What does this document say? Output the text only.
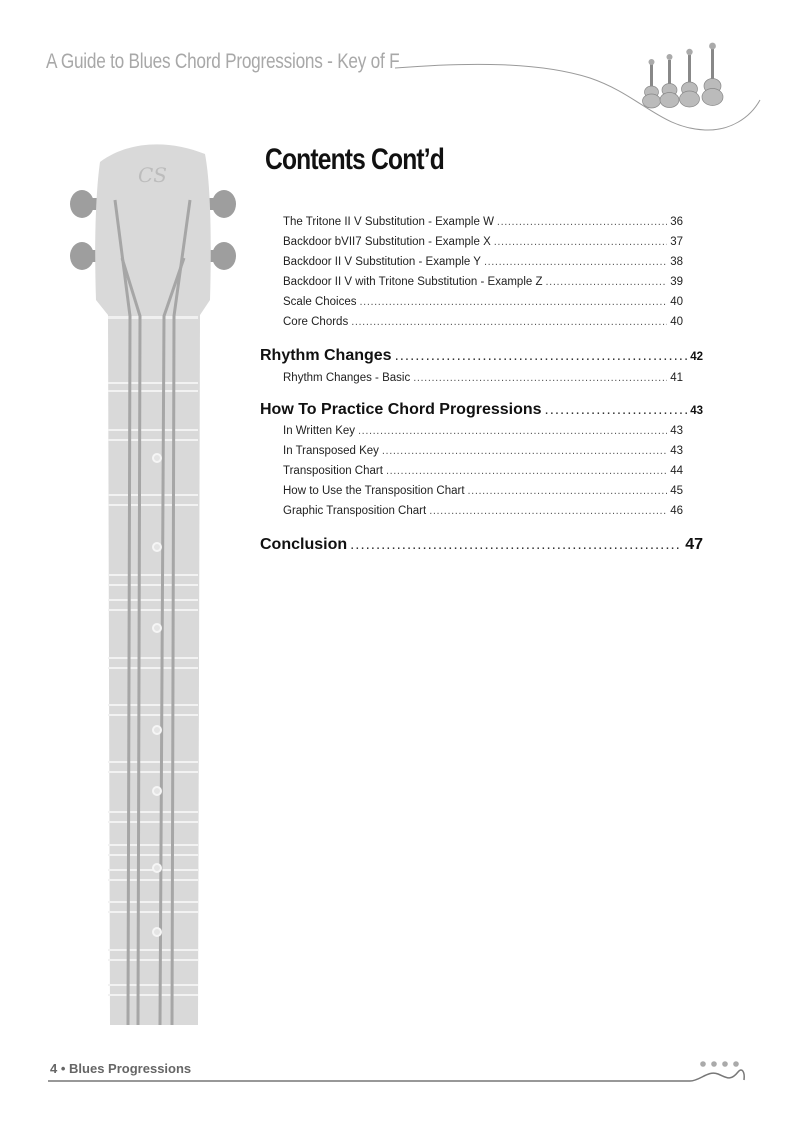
A Guide to Blues Chord Progressions - Key of F
CS	Contents Cont’d
The Tritone II V Substitution - Example W .....	36
Backdoor bVII7 Substitution - Example X .....	37
Backdoor II V Substitution - Example Y .....	38
Backdoor II V with Tritone Substitution - Example Z .....	39
Scale Choices .....	40
Core Chords .....	40
Rhythm Changes .....	42
Rhythm Changes - Basic .....	41
How To Practice Chord Progressions .....	43
In Written Key .....	43
In Transposed Key .....	43
Transposition Chart .....	44
How to Use the Transposition Chart .....	45
Graphic Transposition Chart .....	46
Conclusion .....	47
4 • Blues Progressions
